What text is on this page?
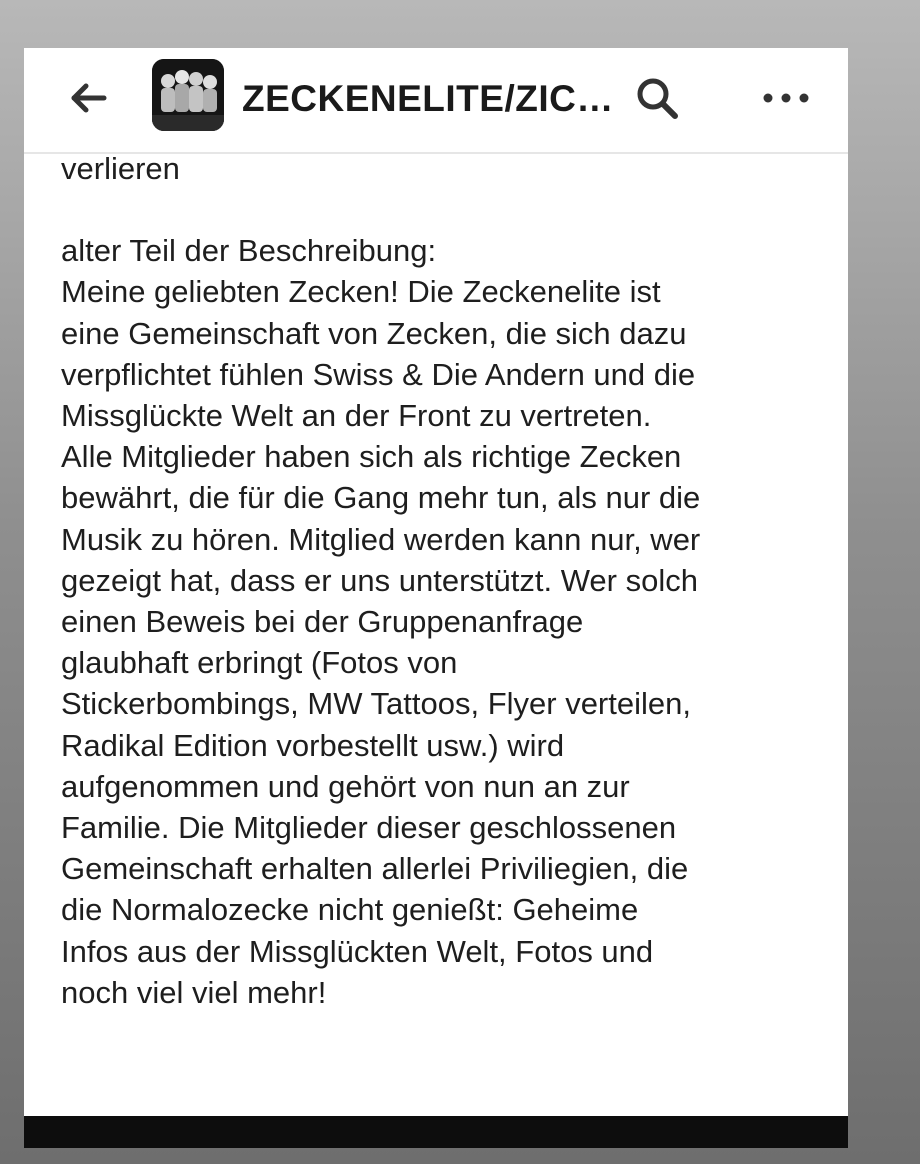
ZECKENELITE/ZIC…
verlieren
alter Teil der Beschreibung:
Meine geliebten Zecken! Die Zeckenelite ist
eine Gemeinschaft von Zecken, die sich dazu
verpflichtet fühlen Swiss & Die Andern und die
Missglückte Welt an der Front zu vertreten.
Alle Mitglieder haben sich als richtige Zecken
bewährt, die für die Gang mehr tun, als nur die
Musik zu hören. Mitglied werden kann nur, wer
gezeigt hat, dass er uns unterstützt. Wer solch
einen Beweis bei der Gruppenanfrage
glaubhaft erbringt (Fotos von
Stickerbombings, MW Tattoos, Flyer verteilen,
Radikal Edition vorbestellt usw.) wird
aufgenommen und gehört von nun an zur
Familie. Die Mitglieder dieser geschlossenen
Gemeinschaft erhalten allerlei Priviliegien, die
die Normalozecke nicht genießt: Geheime
Infos aus der Missglückten Welt, Fotos und
noch viel viel mehr!
